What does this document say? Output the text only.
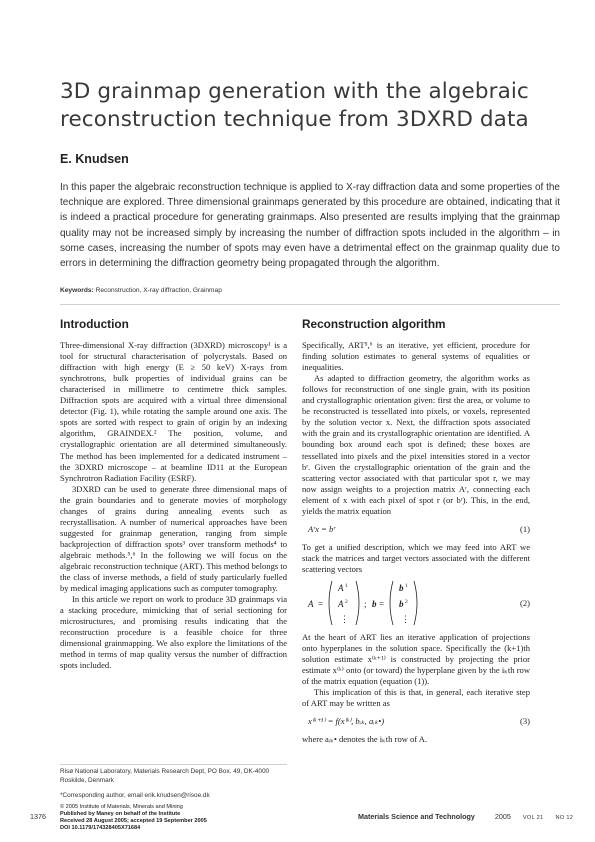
3D grainmap generation with the algebraic reconstruction technique from 3DXRD data
E. Knudsen
In this paper the algebraic reconstruction technique is applied to X-ray diffraction data and some properties of the technique are explored. Three dimensional grainmaps generated by this procedure are obtained, indicating that it is indeed a practical procedure for generating grainmaps. Also presented are results implying that the grainmap quality may not be increased simply by increasing the number of diffraction spots included in the algorithm – in some cases, increasing the number of spots may even have a detrimental effect on the grainmap quality due to errors in determining the diffraction geometry being propagated through the algorithm.
Keywords: Reconstruction, X-ray diffraction, Grainmap
Introduction

Three-dimensional X-ray diffraction (3DXRD) microscopy¹ is a tool for structural characterisation of polycrystals. Based on diffraction with high energy (E ≥ 50 keV) X-rays from synchrotrons, bulk properties of individual grains can be characterised in millimetre to centimetre thick samples. Diffraction spots are acquired with a virtual three dimensional detector (Fig. 1), while rotating the sample around one axis. The spots are sorted with respect to grain of origin by an indexing algorithm, GRAINDEX.² The position, volume, and crystallographic orientation are all determined simultaneously. The method has been implemented for a dedicated instrument – the 3DXRD microscope – at beamline ID11 at the European Synchrotron Radiation Facility (ESRF).

3DXRD can be used to generate three dimensional maps of the grain boundaries and to generate movies of morphology changes of grains during annealing events such as recrystallisation. A number of numerical approaches have been suggested for grainmap generation, ranging from simple backprojection of diffraction spots³ over transform methods⁴ to algebraic methods.⁵,⁶ In the following we will focus on the algebraic reconstruction technique (ART). This method belongs to the class of inverse methods, a field of study particularly fuelled by medical imaging applications such as computer tomography.

In this article we report on work to produce 3D grainmaps via a stacking procedure, mimicking that of serial sectioning for microstructures, and promising results indicating that the reconstruction procedure is a feasible choice for three dimensional grainmapping. We also explore the limitations of the method in terms of map quality versus the number of diffraction spots included.

Reconstruction algorithm

Specifically, ART⁵,⁶ is an iterative, yet efficient, procedure for finding solution estimates to general systems of equalities or inequalities.

As adapted to diffraction geometry, the algorithm works as follows for reconstruction of one single grain, with its position and crystallographic orientation given: first the area, or volume to be reconstructed is tessellated into pixels, or voxels, represented by the solution vector x. Next, the diffraction spots associated with the grain and its crystallographic orientation are identified. A bounding box around each spot is defined; these boxes are tessellated into pixels and the pixel intensities stored in a vector bʳ. Given the crystallographic orientation of the grain and the scattering vector associated with that particular spot r, we may now assign weights to a projection matrix Aʳ, connecting each element of x with each pixel of spot r (or bʳ). This, in the end, yields the matrix equation

Aʳx = bʳ	(1)

To get a unified description, which we may feed into ART we stack the matrices and target vectors associated with the different scattering vectors

A =
A 1
A 2
⋮
; b =
b 1
b 2
⋮
(2)

At the heart of ART lies an iterative application of projections onto hyperplanes in the solution space. Specifically the (k+1)th solution estimate x⁽ᵏ⁺¹⁾ is constructed by projecting the prior estimate x⁽ᵏ⁾ onto (or toward) the hyperplane given by the iₖth row of the matrix equation (equation (1)).

This implication of this is that, in general, each iterative step of ART may be written as

x⁽ᵏ⁺¹⁾ = f(x⁽ᵏ⁾, bᵢₖ, aᵢₖ•)	(3)

where aᵢₖ• denotes the iₖth row of A.

Risø National Laboratory, Materials Research Dept, PO Box. 49, DK-4000 Roskilde, Denmark
*Corresponding author, email erik.knudsen@risoe.dk
© 2005 Institute of Materials, Minerals and Mining
Published by Maney on behalf of the Institute
Received 28 August 2005; accepted 19 September 2005
DOI 10.1179/174328405X71684
1376	Materials Science and Technology	2005 VOL 21 NO 12
